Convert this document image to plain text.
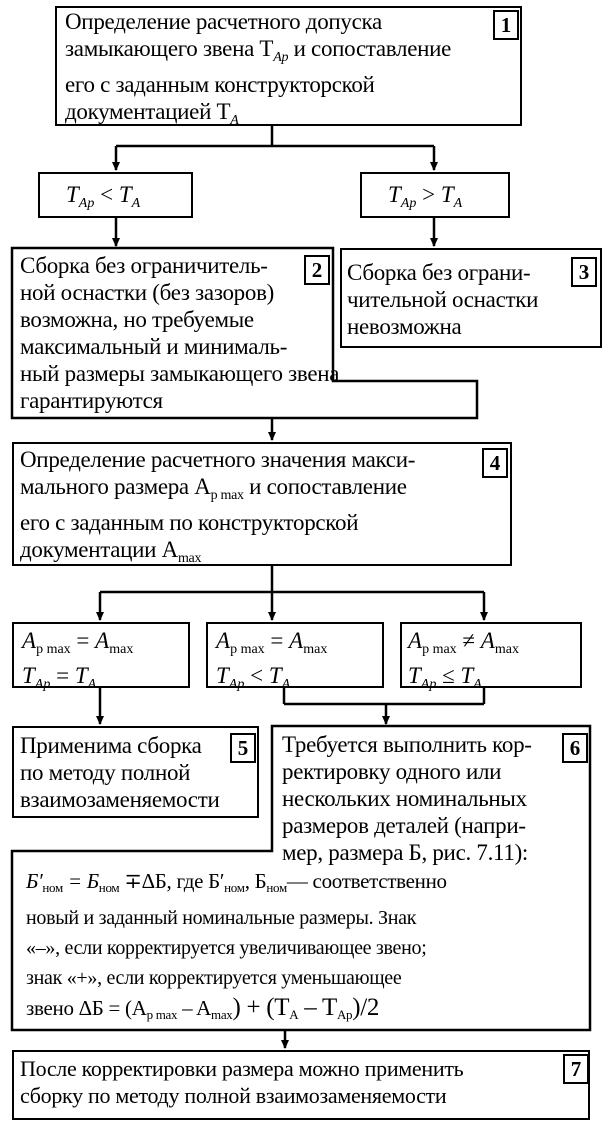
Определение расчетного допуска
замыкающего звена $T_{Ap}$ и сопоставление
его с заданным конструкторской
документацией $T_A$
1
$T_{Ap} < T_A$	$T_{Ap} > T_A$
Сборка без ограничитель-
ной оснастки (без зазоров)
возможна, но требуемые
максимальный и минималь-
ный размеры замыкающего звена
гарантируются
2	Сборка без ограни-
чительной оснастки
невозможна
3
Определение расчетного значения макси-
мального размера $A_{p max}$ и сопоставление
его с заданным по конструкторской
документации $A_{max}$
4
$A_{p max} = A_{max}$
$T_{Ap} = T_A$
$A_{p max} = A_{max}$
$T_{Ap} < T_A$
$A_{p max} \ne A_{max}$
$T_{Ap} \le T_A$
Применима сборка
по методу полной
взаимозаменяемости
5	Требуется выполнить кор-
ректировку одного или
нескольких номинальных
размеров деталей (напри-
мер, размера Б, рис. 7.11):
6
Б′ном = Бном ∓ΔБ, где Б′ном, Бном— соответственно
новый и заданный номинальные размеры. Знак
«–», если корректируется увеличивающее звено;
знак «+», если корректируется уменьшающее
звено ΔБ = (Ap max – Amax) + (TA – TAp)/2
После корректировки размера можно применить
сборку по методу полной взаимозаменяемости
7
